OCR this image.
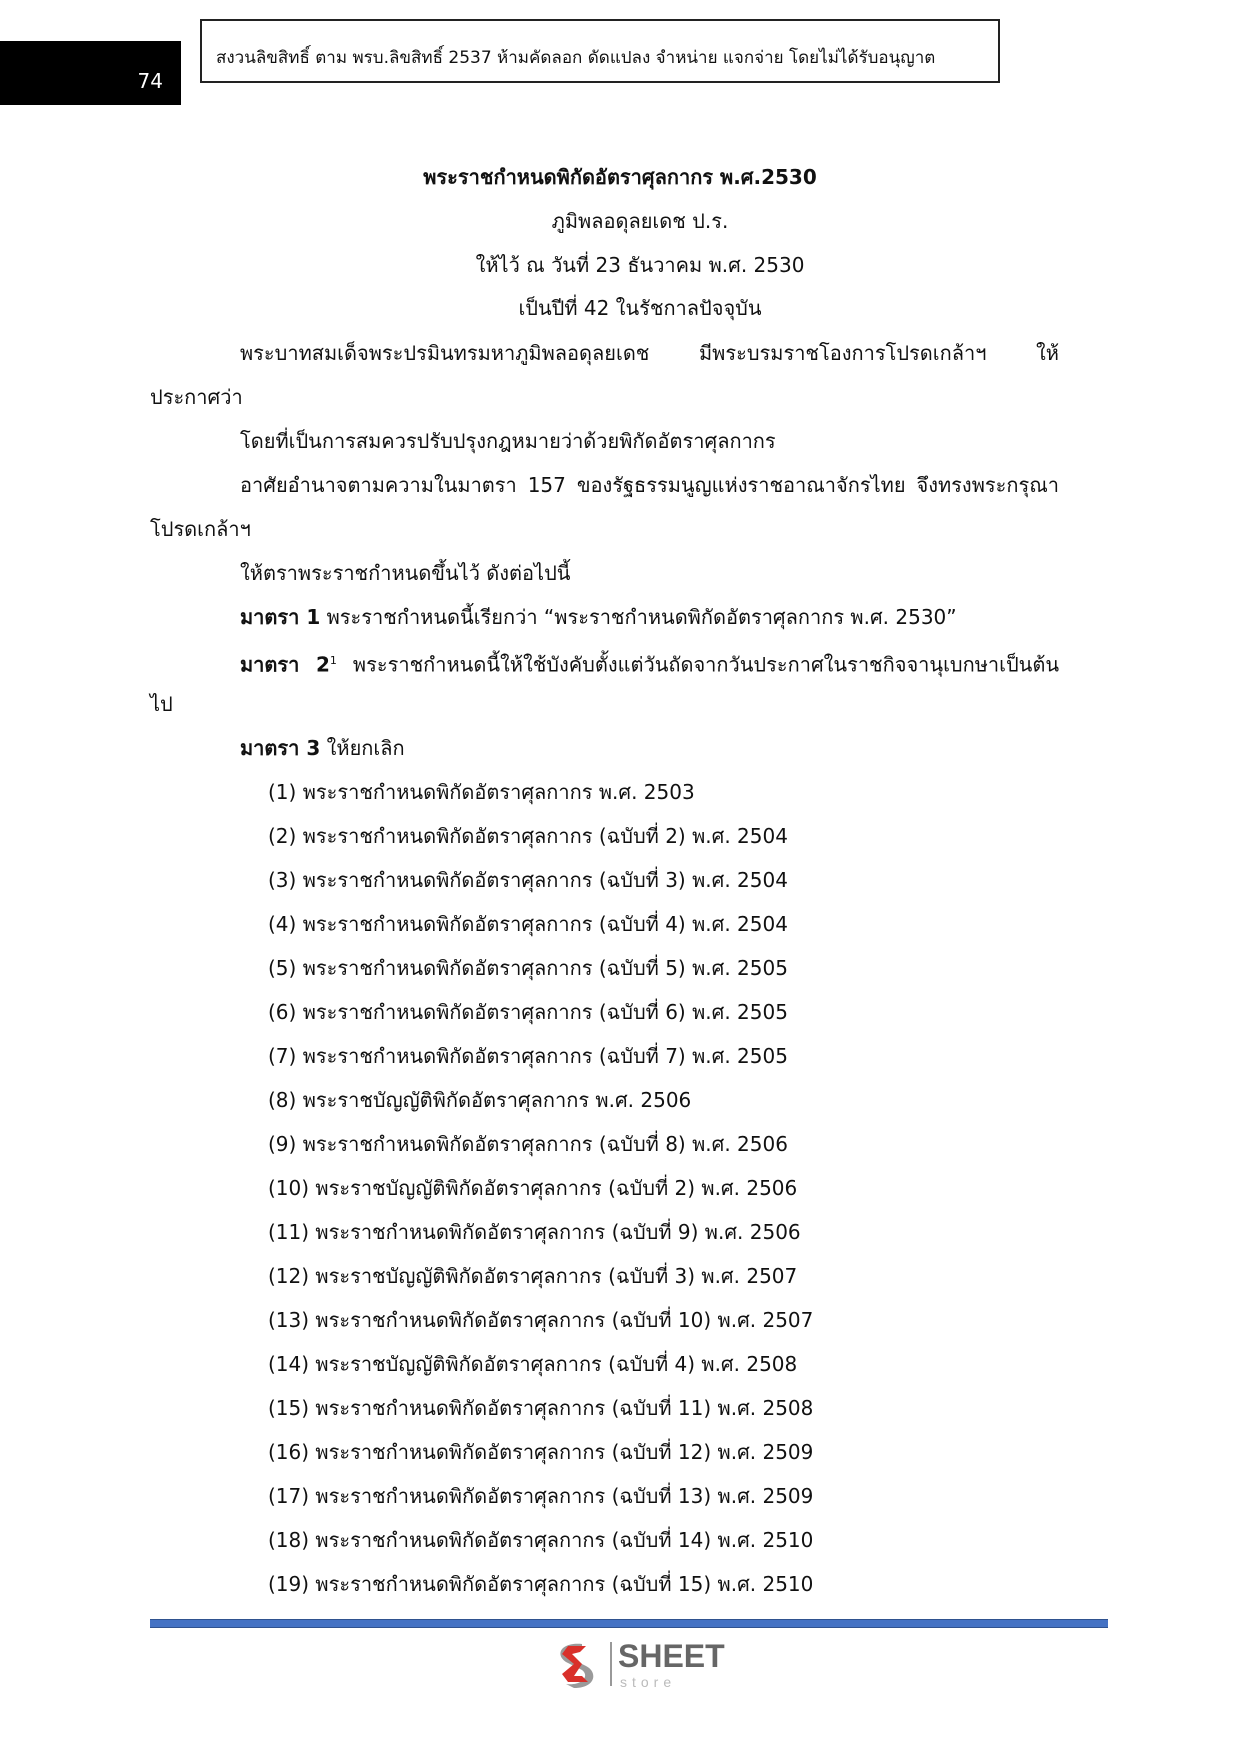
74
สงวนลิขสิทธิ์ ตาม พรบ.ลิขสิทธิ์ 2537 ห้ามคัดลอก ดัดแปลง จำหน่าย แจกจ่าย โดยไม่ได้รับอนุญาต
พระราชกำหนดพิกัดอัตราศุลกากร พ.ศ.2530
ภูมิพลอดุลยเดช ป.ร.
ให้ไว้ ณ วันที่ 23 ธันวาคม พ.ศ. 2530
เป็นปีที่ 42 ในรัชกาลปัจจุบัน
พระบาทสมเด็จพระปรมินทรมหาภูมิพลอดุลยเดช มีพระบรมราชโองการโปรดเกล้าฯ ให้
ประกาศว่า
โดยที่เป็นการสมควรปรับปรุงกฎหมายว่าด้วยพิกัดอัตราศุลกากร
อาศัยอำนาจตามความในมาตรา 157 ของรัฐธรรมนูญแห่งราชอาณาจักรไทย จึงทรงพระกรุณา
โปรดเกล้าฯ
ให้ตราพระราชกำหนดขึ้นไว้ ดังต่อไปนี้
มาตรา 1 พระราชกำหนดนี้เรียกว่า “พระราชกำหนดพิกัดอัตราศุลกากร พ.ศ. 2530”
มาตรา $2^1$ พระราชกำหนดนี้ให้ใช้บังคับตั้งแต่วันถัดจากวันประกาศในราชกิจจานุเบกษาเป็นต้น
ไป
มาตรา 3 ให้ยกเลิก
(1) พระราชกำหนดพิกัดอัตราศุลกากร พ.ศ. 2503
(2) พระราชกำหนดพิกัดอัตราศุลกากร (ฉบับที่ 2) พ.ศ. 2504
(3) พระราชกำหนดพิกัดอัตราศุลกากร (ฉบับที่ 3) พ.ศ. 2504
(4) พระราชกำหนดพิกัดอัตราศุลกากร (ฉบับที่ 4) พ.ศ. 2504
(5) พระราชกำหนดพิกัดอัตราศุลกากร (ฉบับที่ 5) พ.ศ. 2505
(6) พระราชกำหนดพิกัดอัตราศุลกากร (ฉบับที่ 6) พ.ศ. 2505
(7) พระราชกำหนดพิกัดอัตราศุลกากร (ฉบับที่ 7) พ.ศ. 2505
(8) พระราชบัญญัติพิกัดอัตราศุลกากร พ.ศ. 2506
(9) พระราชกำหนดพิกัดอัตราศุลกากร (ฉบับที่ 8) พ.ศ. 2506
(10) พระราชบัญญัติพิกัดอัตราศุลกากร (ฉบับที่ 2) พ.ศ. 2506
(11) พระราชกำหนดพิกัดอัตราศุลกากร (ฉบับที่ 9) พ.ศ. 2506
(12) พระราชบัญญัติพิกัดอัตราศุลกากร (ฉบับที่ 3) พ.ศ. 2507
(13) พระราชกำหนดพิกัดอัตราศุลกากร (ฉบับที่ 10) พ.ศ. 2507
(14) พระราชบัญญัติพิกัดอัตราศุลกากร (ฉบับที่ 4) พ.ศ. 2508
(15) พระราชกำหนดพิกัดอัตราศุลกากร (ฉบับที่ 11) พ.ศ. 2508
(16) พระราชกำหนดพิกัดอัตราศุลกากร (ฉบับที่ 12) พ.ศ. 2509
(17) พระราชกำหนดพิกัดอัตราศุลกากร (ฉบับที่ 13) พ.ศ. 2509
(18) พระราชกำหนดพิกัดอัตราศุลกากร (ฉบับที่ 14) พ.ศ. 2510
(19) พระราชกำหนดพิกัดอัตราศุลกากร (ฉบับที่ 15) พ.ศ. 2510
SHEET
store
